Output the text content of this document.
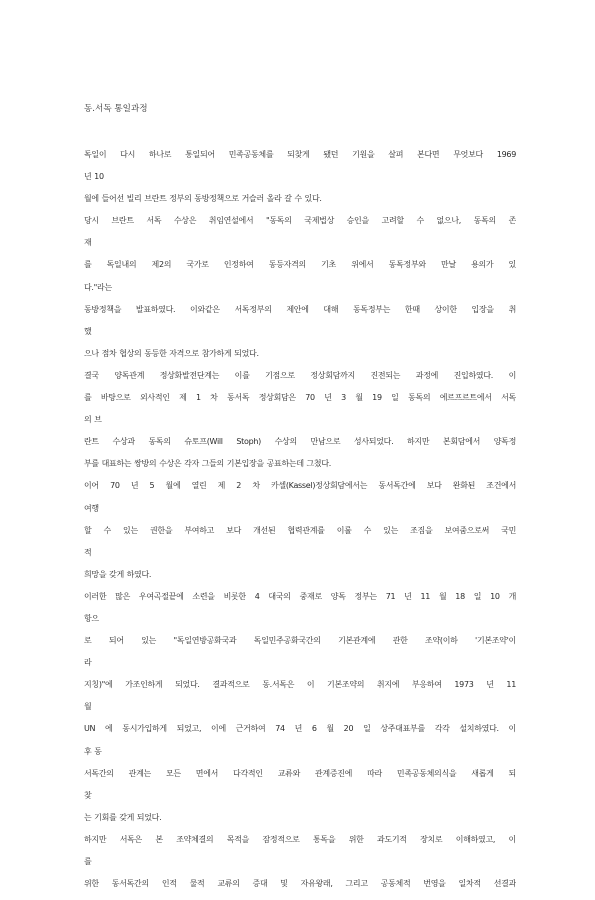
동.서독 통일과정
독일이 다시 하나로 통일되어 민족공동체를 되찾게 됐던 기원을 살펴 본다면 무엇보다 1969
년 10
월에 들어선 빌리 브란트 정부의 동방정책으로 거슬러 올라 갈 수 있다.
당시 브란트 서독 수상은 취임연설에서 "동독의 국제법상 승인을 고려할 수 없으나, 동독의 존
재
를 독일내의 제2의 국가로 인정하여 동등자격의 기초 위에서 동독정부와 만날 용의가 있
다."라는
동방정책을 발표하였다. 이와같은 서독정부의 제안에 대해 동독정부는 한때 상이한 입장을 취
했
으나 점차 협상의 동등한 자격으로 참가하게 되었다.
결국 양독관계 정상화발전단계는 이를 기점으로 정상회담까지 진전되는 과정에 진입하였다. 이
를 바탕으로 외사적인 제 1 차 동서독 정상회담은 70 년 3 월 19 일 동독의 에르프르트에서 서독
의 브
란트 수상과 동독의 슈토프(Will Stoph) 수상의 만남으로 성사되었다. 하지만 본회담에서 양독정
부를 대표하는 쌍방의 수상은 각자 그들의 기본입장을 공표하는데 그쳤다.
이어 70 년 5 월에 열린 제 2 차 카셀(Kassel)정상회담에서는 동서독간에 보다 완화된 조건에서
여행
할 수 있는 권한을 부여하고 보다 개선된 협력관계를 이룰 수 있는 조짐을 보여줌으로써 국민
적
희망을 갖게 하였다.
이러한 많은 우여곡절끝에 소련을 비롯한 4 대국의 중재로 양독 정부는 71 년 11 월 18 일 10 개
항으
로 되어 있는 "독일연방공화국과 독일민주공화국간의 기본관계에 관한 조약(이하 '기본조약'이
라
지칭)"에 가조인하게 되었다. 결과적으로 동.서독은 이 기본조약의 취지에 부응하여 1973 년 11
월
UN 에 동시가입하게 되었고, 이에 근거하여 74 년 6 월 20 일 상주대표부를 각각 설치하였다. 이
후 동
서독간의 관계는 모든 면에서 다각적인 교류와 관계증진에 따라 민족공동체의식을 새롭게 되
찾
는 기회를 갖게 되었다.
하지만 서독은 본 조약체결의 목적을 잠정적으로 통독을 위한 과도기적 장치로 이해하였고, 이
를
위한 동서독간의 인적 물적 교류의 증대 및 자유왕래, 그리고 공동체적 번영을 일차적 선결과
